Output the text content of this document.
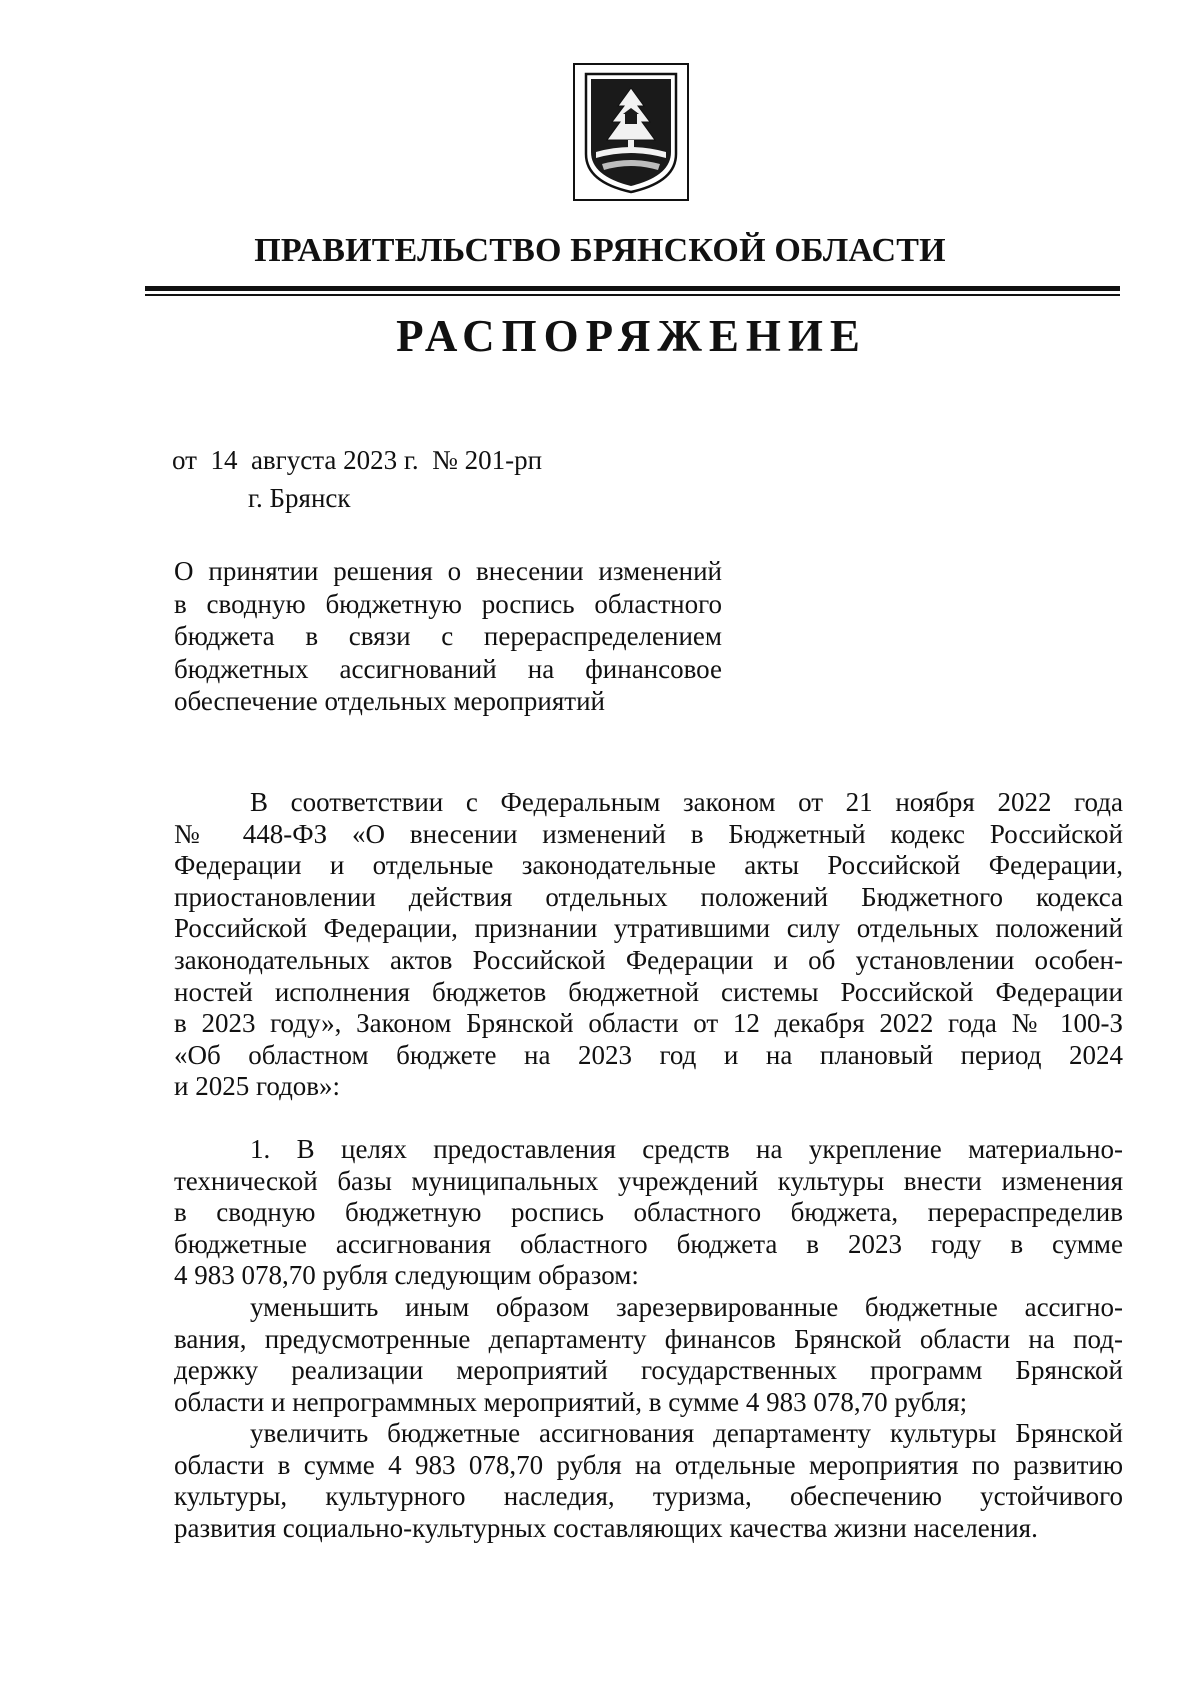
ПРАВИТЕЛЬСТВО БРЯНСКОЙ ОБЛАСТИ
РАСПОРЯЖЕНИЕ
от  14  августа 2023 г.  № 201-рп
г. Брянск
О принятии решения о внесении изменений
в сводную бюджетную роспись областного
бюджета в связи с перераспределением
бюджетных ассигнований на финансовое
обеспечение отдельных мероприятий
В соответствии с Федеральным законом от 21 ноября 2022 года
№ 448-ФЗ «О внесении изменений в Бюджетный кодекс Российской
Федерации и отдельные законодательные акты Российской Федерации,
приостановлении действия отдельных положений Бюджетного кодекса
Российской Федерации, признании утратившими силу отдельных положений
законодательных актов Российской Федерации и об установлении особен-
ностей исполнения бюджетов бюджетной системы Российской Федерации
в 2023 году», Законом Брянской области от 12 декабря 2022 года № 100-З
«Об областном бюджете на 2023 год и на плановый период 2024
и 2025 годов»:
1. В целях предоставления средств на укрепление материально-
технической базы муниципальных учреждений культуры внести изменения
в сводную бюджетную роспись областного бюджета, перераспределив
бюджетные ассигнования областного бюджета в 2023 году в сумме
4 983 078,70 рубля следующим образом:
уменьшить иным образом зарезервированные бюджетные ассигно-
вания, предусмотренные департаменту финансов Брянской области на под-
держку реализации мероприятий государственных программ Брянской
области и непрограммных мероприятий, в сумме 4 983 078,70 рубля;
увеличить бюджетные ассигнования департаменту культуры Брянской
области в сумме 4 983 078,70 рубля на отдельные мероприятия по развитию
культуры, культурного наследия, туризма, обеспечению устойчивого
развития социально-культурных составляющих качества жизни населения.
